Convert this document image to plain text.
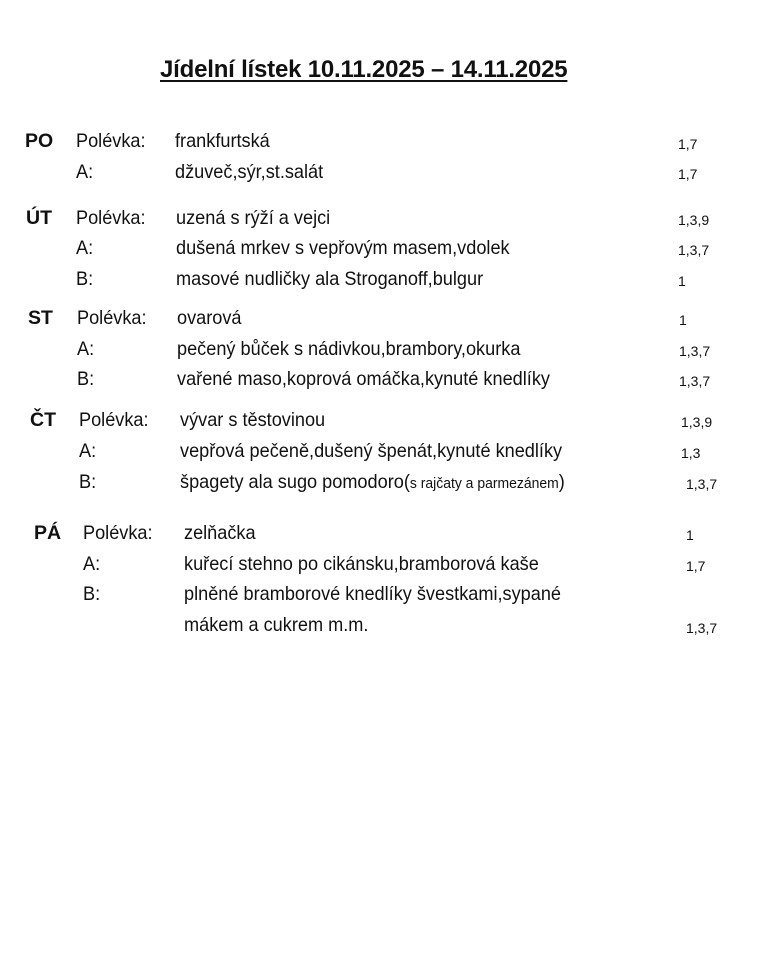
Jídelní lístek 10.11.2025 – 14.11.2025
PO Polévka: frankfurtská	1,7
A:	džuveč,sýr,st.salát	1,7
ÚT Polévka: uzená s rýží a vejci	1,3,9
A:	dušená mrkev s vepřovým masem,vdolek	1,3,7
B:	masové nudličky ala Stroganoff,bulgur	1
ST Polévka: ovarová	1
A:	pečený bůček s nádivkou,brambory,okurka	1,3,7
B:	vařené maso,koprová omáčka,kynuté knedlíky	1,3,7
ČT Polévka: vývar s těstovinou	1,3,9
A:	vepřová pečeně,dušený špenát,kynuté knedlíky	1,3
B:	špagety ala sugo pomodoro(s rajčaty a parmezánem)	1,3,7
PÁ Polévka: zelňačka	1
A:	kuřecí stehno po cikánsku,bramborová kaše	1,7
B:	plněné bramborové knedlíky švestkami,sypané
mákem a cukrem m.m.	1,3,7
